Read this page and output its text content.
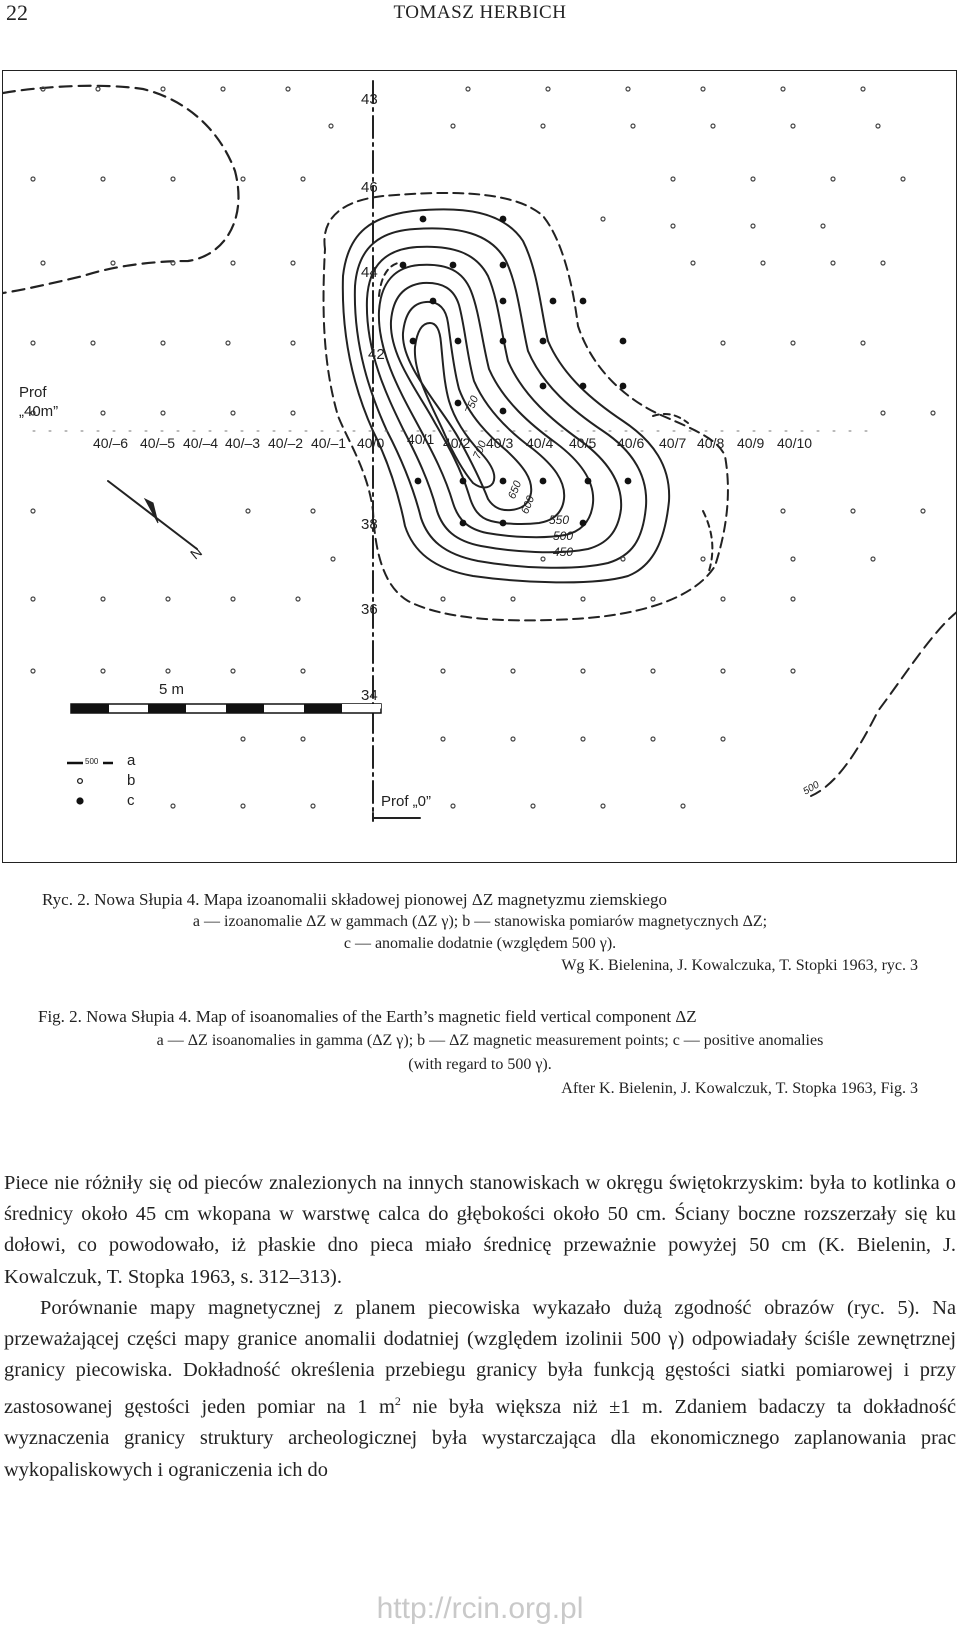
22	TOMASZ HERBICH
43
46
44
42
38
36
34
40/–6 40/–5 40/–4 40/–3 40/–2 40/–1 40/0 40/1 40/2 40/3 40/4 40/5 40/6 40/7 40/8 40/9 40/10
750
700
650
600
550
500
450
500
Prof
„40m”
Prof „0”
N
5 m
500 a
b
c
Ryc. 2. Nowa Słupia 4. Mapa izoanomalii składowej pionowej ΔZ magnetyzmu ziemskiego
a — izoanomalie ΔZ w gammach (ΔZ γ); b — stanowiska pomiarów magnetycznych ΔZ;
c — anomalie dodatnie (względem 500 γ).
Wg K. Bielenina, J. Kowalczuka, T. Stopki 1963, ryc. 3
Fig. 2. Nowa Słupia 4. Map of isoanomalies of the Earth’s magnetic field vertical component ΔZ
a — ΔZ isoanomalies in gamma (ΔZ γ); b — ΔZ magnetic measurement points; c — positive anomalies
(with regard to 500 γ).
After K. Bielenin, J. Kowalczuk, T. Stopka 1963, Fig. 3

Piece nie różniły się od pieców znalezionych na innych stanowiskach w okręgu świętokrzyskim: była to kotlinka o średnicy około 45 cm wkopana w warstwę calca do głębokości około 50 cm. Ściany boczne rozszerzały się ku dołowi, co powodowało, iż płaskie dno pieca miało średnicę przeważnie powyżej 50 cm (K. Bielenin, J. Kowalczuk, T. Stopka 1963, s. 312–313).

Porównanie mapy magnetycznej z planem piecowiska wykazało dużą zgodność obrazów (ryc. 5). Na przeważającej części mapy granice anomalii dodatniej (względem izolinii 500 γ) odpowiadały ściśle zewnętrznej granicy piecowiska. Dokładność określenia przebiegu granicy była funkcją gęstości siatki pomiarowej i przy zastosowanej gęstości jeden pomiar na 1 $m^2$ nie była większa niż ±1 m. Zdaniem badaczy ta dokładność wyznaczenia granicy struktury archeologicznej była wystarczająca dla ekonomicznego zaplanowania prac wykopaliskowych i ograniczenia ich do

http://rcin.org.pl
